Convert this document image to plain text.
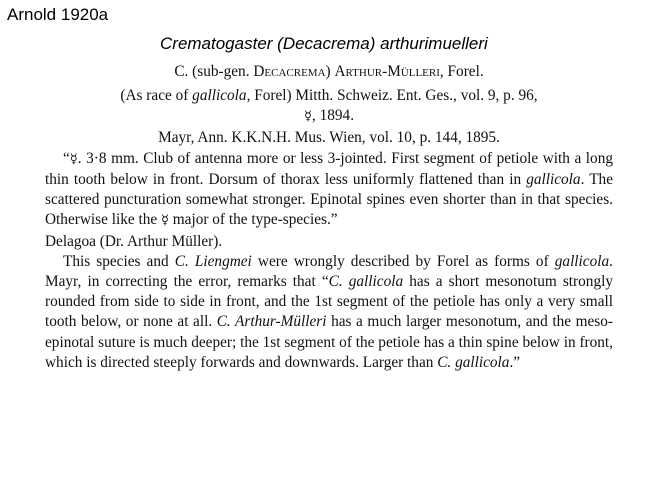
Arnold 1920a
Crematogaster (Decacrema) arthurimuelleri

C. (sub-gen. Decacrema) Arthur-Mülleri, Forel.

(As race of gallicola, Forel) Mitth. Schweiz. Ent. Ges., vol. 9, p. 96,
☿, 1894.

Mayr, Ann. K.K.N.H. Mus. Wien, vol. 10, p. 144, 1895.

“☿. 3·8 mm. Club of antenna more or less 3-jointed. First segment of petiole with a long thin tooth below in front. Dorsum of thorax less uniformly flattened than in gallicola. The scattered puncturation somewhat stronger. Epinotal spines even shorter than in that species. Otherwise like the ☿ major of the type-species.”

Delagoa (Dr. Arthur Müller).

This species and C. Liengmei were wrongly described by Forel as forms of gallicola. Mayr, in correcting the error, remarks that “C. gallicola has a short mesonotum strongly rounded from side to side in front, and the 1st segment of the petiole has only a very small tooth below, or none at all. C. Arthur-Mülleri has a much larger mesonotum, and the meso-epinotal suture is much deeper; the 1st segment of the petiole has a thin spine below in front, which is directed steeply forwards and downwards. Larger than C. gallicola.”
